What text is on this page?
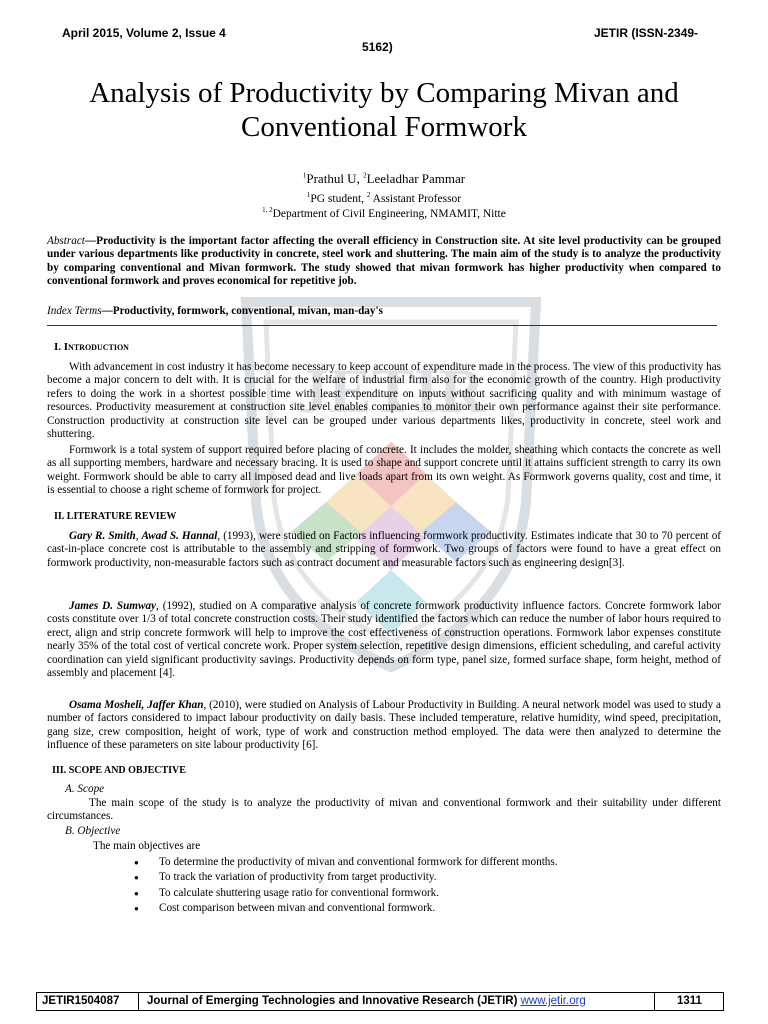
JETIR
April 2015, Volume 2, Issue 4	JETIR (ISSN-2349-
5162)
Analysis of Productivity by Comparing Mivan and
Conventional Formwork
$^1$Prathul U, $^2$Leeladhar Pammar
$^1$PG student, $^2$ Assistant Professor
$^{1, 2}$Department of Civil Engineering, NMAMIT, Nitte
Abstract—Productivity is the important factor affecting the overall efficiency in Construction site. At site level productivity can be grouped under various departments like productivity in concrete, steel work and shuttering. The main aim of the study is to analyze the productivity by comparing conventional and Mivan formwork. The study showed that mivan formwork has higher productivity when compared to conventional formwork and proves economical for repetitive job.
Index Terms—Productivity, formwork, conventional, mivan, man-day's
I. Introduction
With advancement in cost industry it has become necessary to keep account of expenditure made in the process. The view of this productivity has become a major concern to delt with. It is crucial for the welfare of industrial firm also for the economic growth of the country. High productivity refers to doing the work in a shortest possible time with least expenditure on inputs without sacrificing quality and with minimum wastage of resources. Productivity measurement at construction site level enables companies to monitor their own performance against their site performance. Construction productivity at construction site level can be grouped under various departments likes, productivity in concrete, steel work and shuttering.
Formwork is a total system of support required before placing of concrete. It includes the molder, sheathing which contacts the concrete as well as all supporting members, hardware and necessary bracing. It is used to shape and support concrete until it attains sufficient strength to carry its own weight. Formwork should be able to carry all imposed dead and live loads apart from its own weight. As Formwork governs quality, cost and time, it is essential to choose a right scheme of formwork for project.
II. LITERATURE REVIEW
Gary R. Smith, Awad S. Hannal, (1993), were studied on Factors influencing formwork productivity. Estimates indicate that 30 to 70 percent of cast-in-place concrete cost is attributable to the assembly and stripping of formwork. Two groups of factors were found to have a great effect on formwork productivity, non-measurable factors such as contract document and measurable factors such as engineering design[3].
James D. Sumway, (1992), studied on A comparative analysis of concrete formwork productivity influence factors. Concrete formwork labor costs constitute over 1/3 of total concrete construction costs. Their study identified the factors which can reduce the number of labor hours required to erect, align and strip concrete formwork will help to improve the cost effectiveness of construction operations. Formwork labor expenses constitute nearly 35% of the total cost of vertical concrete work. Proper system selection, repetitive design dimensions, efficient scheduling, and careful activity coordination can yield significant productivity savings. Productivity depends on form type, panel size, formed surface shape, form height, method of assembly and placement [4].
Osama Mosheli, Jaffer Khan, (2010), were studied on Analysis of Labour Productivity in Building. A neural network model was used to study a number of factors considered to impact labour productivity on daily basis. These included temperature, relative humidity, wind speed, precipitation, gang size, crew composition, height of work, type of work and construction method employed. The data were then analyzed to determine the influence of these parameters on site labour productivity [6].
III. SCOPE AND OBJECTIVE
A. Scope
The main scope of the study is to analyze the productivity of mivan and conventional formwork and their suitability under different circumstances.
B. Objective
The main objectives are
● To determine the productivity of mivan and conventional formwork for different months.
● To track the variation of productivity from target productivity.
● To calculate shuttering usage ratio for conventional formwork.
● Cost comparison between mivan and conventional formwork.
JETIR1504087 Journal of Emerging Technologies and Innovative Research (JETIR) www.jetir.org	1311
